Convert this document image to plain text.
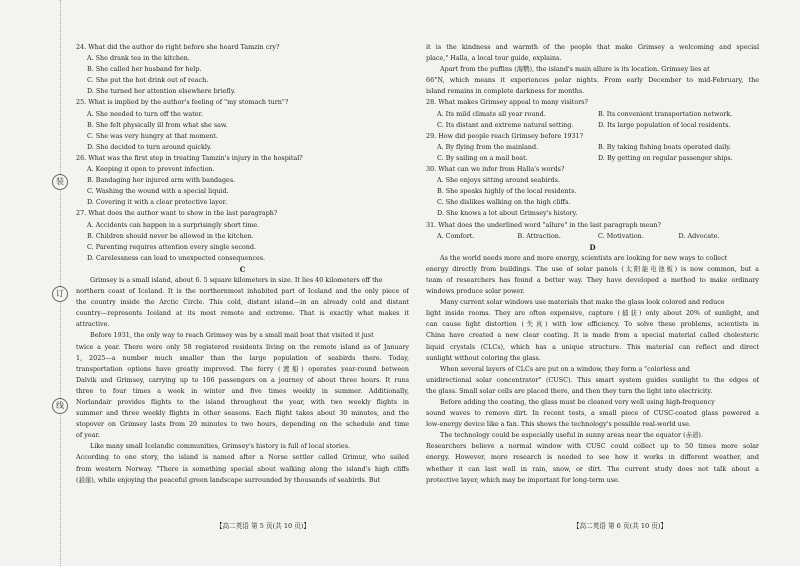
装
订
线
24. What did the author do right before she heard Tamzin cry?
A. She drank tea in the kitchen.
B. She called her husband for help.
C. She put the hot drink out of reach.
D. She turned her attention elsewhere briefly.
25. What is implied by the author's feeling of "my stomach turn"?
A. She needed to turn off the water.
B. She felt physically ill from what she saw.
C. She was very hungry at that moment.
D. She decided to turn around quickly.
26. What was the first step in treating Tamzin's injury in the hospital?
A. Keeping it open to prevent infection.
B. Bandaging her injured arm with bandages.
C. Washing the wound with a special liquid.
D. Covering it with a clear protective layer.
27. What does the author want to show in the last paragraph?
A. Accidents can happen in a surprisingly short time.
B. Children should never be allowed in the kitchen.
C. Parenting requires attention every single second.
D. Carelessness can lead to unexpected consequences.
C
Grimsey is a small island, about 6. 5 square kilometers in size. It lies 40 kilometers off the
northern coast of Iceland. It is the northernmost inhabited part of Iceland and the only piece of
the country inside the Arctic Circle. This cold, distant island—in an already cold and distant
country—represents Iceland at its most remote and extreme. That is exactly what makes it
attractive.
Before 1931, the only way to reach Grimsey was by a small mail boat that visited it just
twice a year. There were only 58 registered residents living on the remote island as of January
1, 2025—a number much smaller than the large population of seabirds there. Today,
transportation options have greatly improved. The ferry (渡船) operates year-round between
Dalvik and Grimsey, carrying up to 106 passengers on a journey of about three hours. It runs
three to four times a week in winter and five times weekly in summer. Additionally,
Norlandair provides flights to the island throughout the year, with two weekly flights in
summer and three weekly flights in other seasons. Each flight takes about 30 minutes, and the
stopover on Grimsey lasts from 20 minutes to two hours, depending on the schedule and time
of year.
Like many small Icelandic communities, Grimsey's history is full of local stories.
According to one story, the island is named after a Norse settler called Grimur, who sailed
from western Norway. "There is something special about walking along the island's high cliffs
(悬崖), while enjoying the peaceful green landscape surrounded by thousands of seabirds. But
it is the kindness and warmth of the people that make Grimsey a welcoming and special
place," Halla, a local tour guide, explains.
Apart from the puffins (海鹦), the island's main allure is its location. Grimsey lies at
66°N, which means it experiences polar nights. From early December to mid-February, the
island remains in complete darkness for months.
28. What makes Grimsey appeal to many visitors?
A. Its mild climate all year round.	B. Its convenient transportation network.
C. Its distant and extreme natural setting.	D. Its large population of local residents.
29. How did people reach Grimsey before 1931?
A. By flying from the mainland.	B. By taking fishing boats operated daily.
C. By sailing on a mail boat.	D. By getting on regular passenger ships.
30. What can we infer from Halla's words?
A. She enjoys sitting around seabirds.
B. She speaks highly of the local residents.
C. She dislikes walking on the high cliffs.
D. She knows a lot about Grimsey's history.
31. What does the underlined word "allure" in the last paragraph mean?
A. Comfort.	B. Attraction.	C. Motivation.	D. Advocate.
D
As the world needs more and more energy, scientists are looking for new ways to collect
energy directly from buildings. The use of solar panels (太阳能电池板) is now common, but a
team of researchers has found a better way. They have developed a method to make ordinary
windows produce solar power.
Many current solar windows use materials that make the glass look colored and reduce
light inside rooms. They are often expensive, capture (捕获) only about 20% of sunlight, and
can cause light distortion (失真) with low efficiency. To solve these problems, scientists in
China have created a new clear coating. It is made from a special material called cholesteric
liquid crystals (CLCs), which has a unique structure. This material can reflect and direct
sunlight without coloring the glass.
When several layers of CLCs are put on a window, they form a "colorless and
unidirectional solar concentrator" (CUSC). This smart system guides sunlight to the edges of
the glass. Small solar cells are placed there, and then they turn the light into electricity.
Before adding the coating, the glass must be cleaned very well using high-frequency
sound waves to remove dirt. In recent tests, a small piece of CUSC-coated glass powered a
low-energy device like a fan. This shows the technology's possible real-world use.
The technology could be especially useful in sunny areas near the equator (赤道).
Researchers believe a normal window with CUSC could collect up to 50 times more solar
energy. However, more research is needed to see how it works in different weather, and
whether it can last well in rain, snow, or dirt. The current study does not talk about a
protective layer, which may be important for long-term use.
【高二英语 第 5 页(共 10 页)】	【高二英语 第 6 页(共 10 页)】
